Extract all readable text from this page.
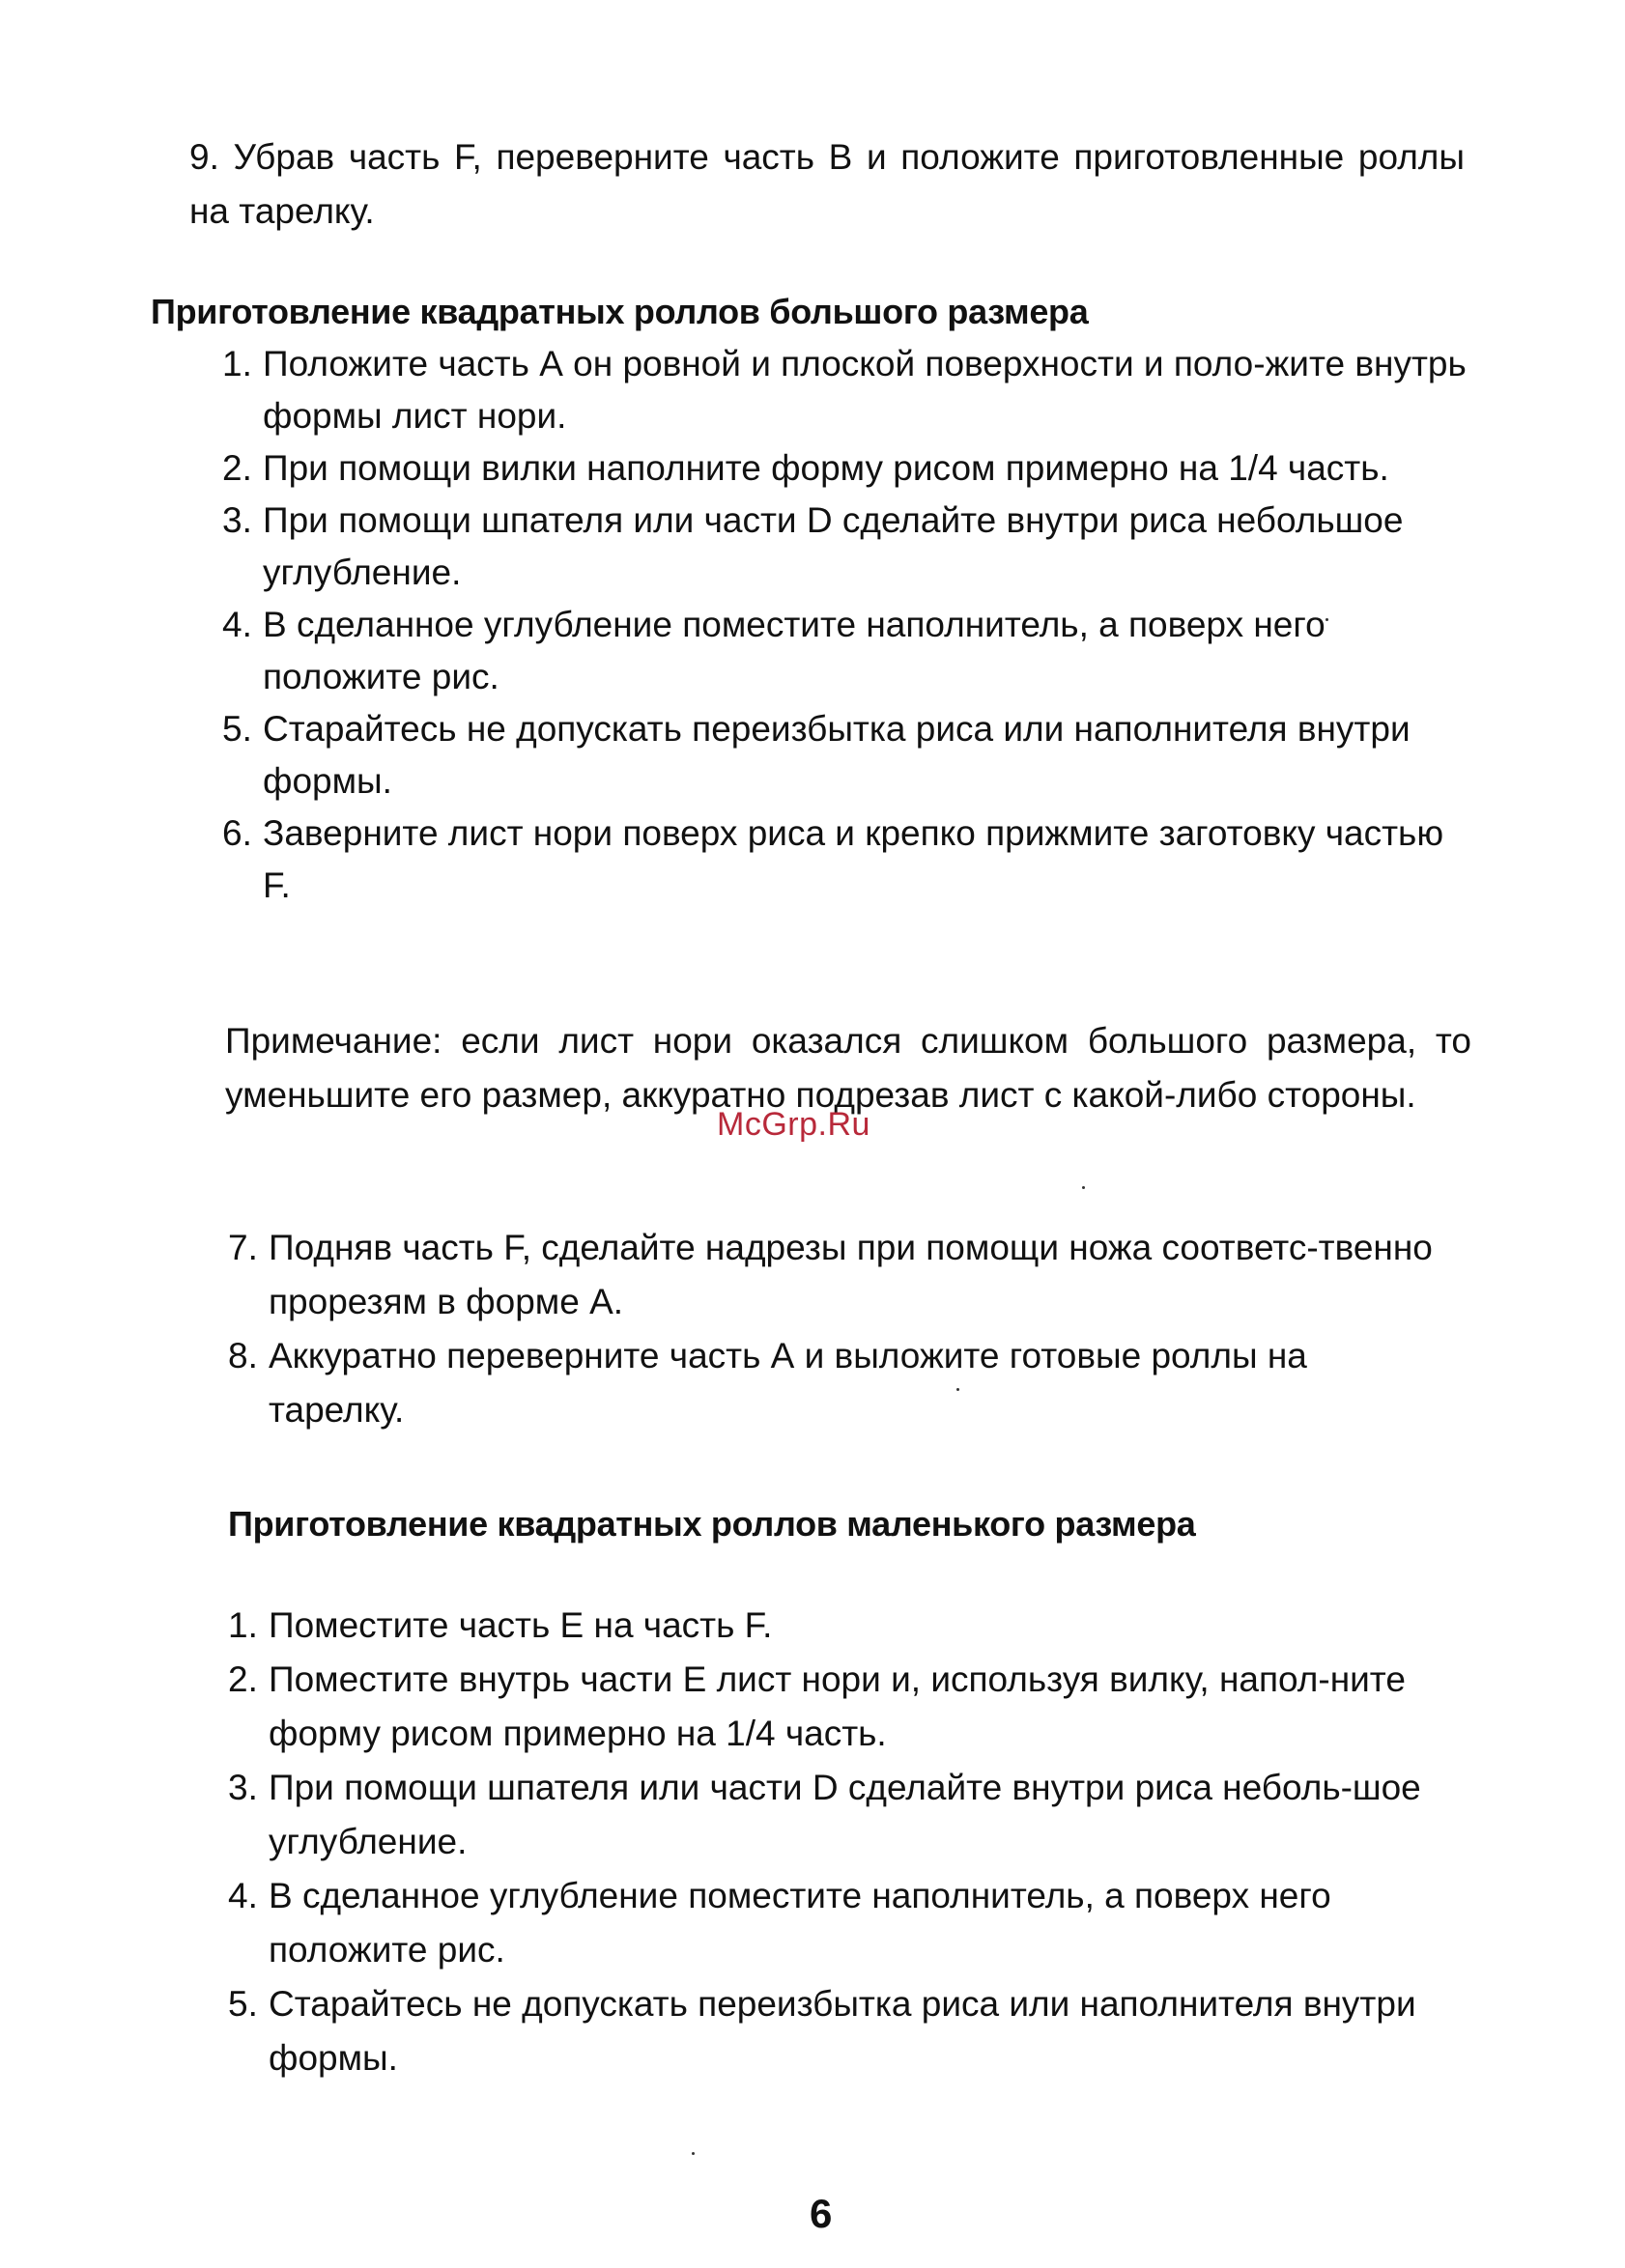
9. Убрав часть F, переверните часть В и положите приготовленные роллы на тарелку.
Приготовление квадратных роллов большого размера
1. Положите часть А он ровной и плоской поверхности и поло-жите внутрь формы лист нори.
2. При помощи вилки наполните форму рисом примерно на 1/4 часть.
3. При помощи шпателя или части D сделайте внутри риса небольшое углубление.
4. В сделанное углубление поместите наполнитель, а поверх него положите рис.
5. Старайтесь не допускать переизбытка риса или наполнителя внутри формы.
6. Заверните лист нори поверх риса и крепко прижмите заготовку частью F.
Примечание: если лист нори оказался слишком большого размера, то уменьшите его размер, аккуратно подрезав лист с какой-либо стороны.
McGrp.Ru
7. Подняв часть F, сделайте надрезы при помощи ножа соответс-твенно прорезям в форме А.
8. Аккуратно переверните часть А и выложите готовые роллы на тарелку.
Приготовление квадратных роллов маленького размера
1. Поместите часть Е на часть F.
2. Поместите внутрь части Е лист нори и, используя вилку, напол-ните форму рисом примерно на 1/4 часть.
3. При помощи шпателя или части D сделайте внутри риса неболь-шое углубление.
4. В сделанное углубление поместите наполнитель, а поверх него положите рис.
5. Старайтесь не допускать переизбытка риса или наполнителя внутри формы.
6
